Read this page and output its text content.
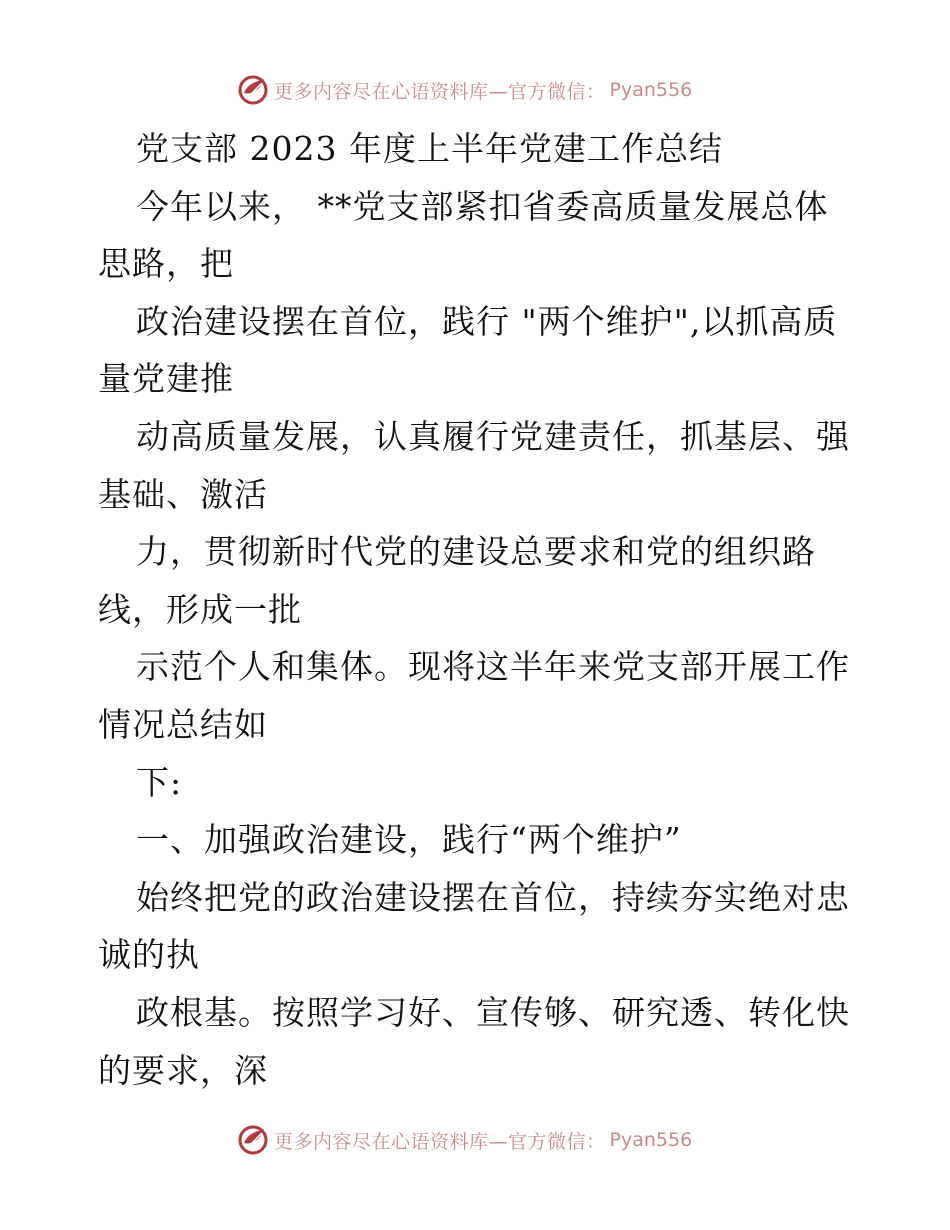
更多内容尽在心语资料库—官方微信： Pyan556
党支部 2023 年度上半年党建工作总结
今年以来， **党支部紧扣省委高质量发展总体
思路，把
政治建设摆在首位，践行 "两个维护",以抓高质
量党建推
动高质量发展，认真履行党建责任，抓基层、强
基础、激活
力，贯彻新时代党的建设总要求和党的组织路
线，形成一批
示范个人和集体。现将这半年来党支部开展工作
情况总结如
下:
一、加强政治建设，践行“两个维护”
始终把党的政治建设摆在首位，持续夯实绝对忠
诚的执
政根基。按照学习好、宣传够、研究透、转化快
的要求，深
更多内容尽在心语资料库—官方微信： Pyan556
